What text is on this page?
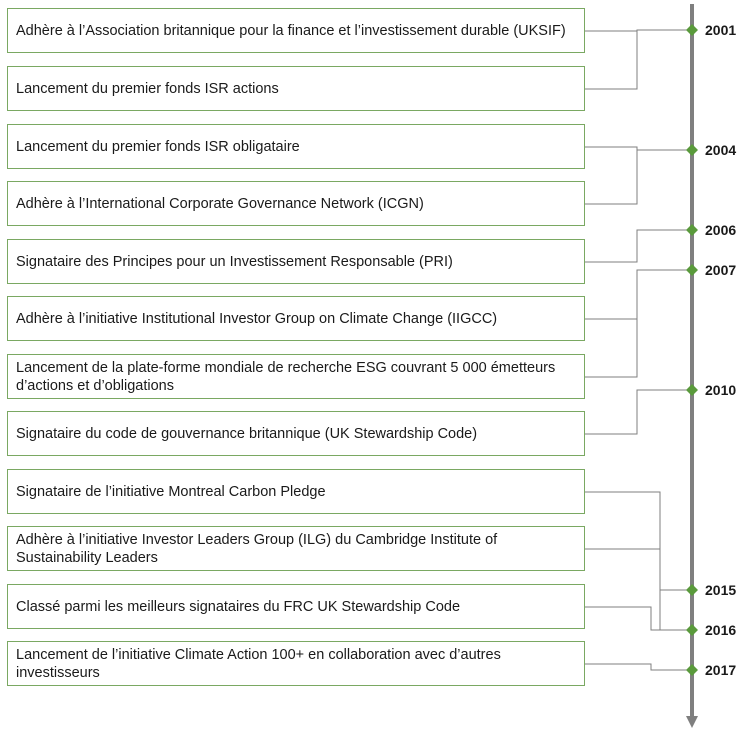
Adhère à l’Association britannique pour la finance et l’investissement durable (UKSIF)
Lancement du premier fonds ISR actions
Lancement du premier fonds ISR obligataire
Adhère à l’International Corporate Governance Network (ICGN)
Signataire des Principes pour un Investissement Responsable (PRI)
Adhère à l’initiative Institutional Investor Group on Climate Change (IIGCC)
Lancement de la plate-forme mondiale de recherche ESG couvrant 5 000 émetteurs d’actions et d’obligations
Signataire du code de gouvernance britannique (UK Stewardship Code)
Signataire de l’initiative Montreal Carbon Pledge
Adhère à l’initiative Investor Leaders Group (ILG) du Cambridge Institute of Sustainability Leaders
Classé parmi les meilleurs signataires du FRC UK Stewardship Code
Lancement de l’initiative Climate Action 100+ en collaboration avec d’autres investisseurs
2001
2004
2006
2007
2010
2015
2016
2017
